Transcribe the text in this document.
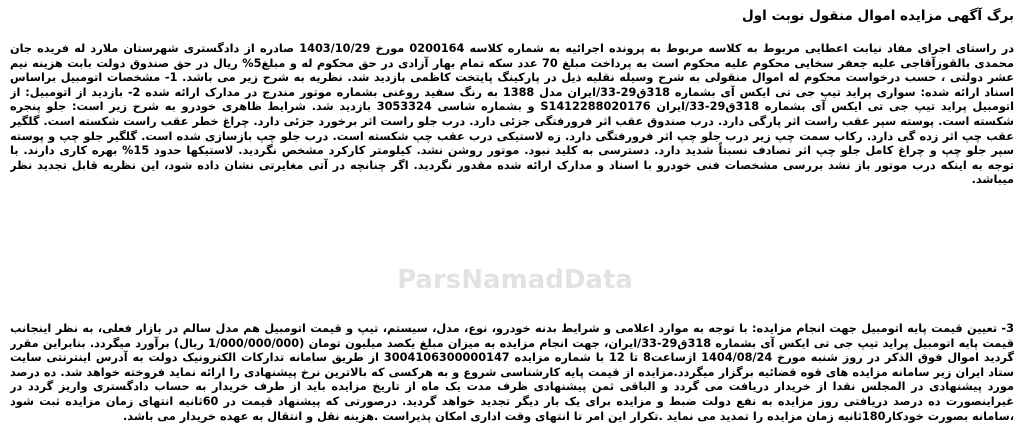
برگ آگهی مزایده اموال منقول نوبت اول

در راستای اجرای مفاد نیابت اعطایی مربوط به کلاسه مربوط به پرونده اجرائیه به شماره کلاسه 0200164 مورخ 1403/10/29 صادره از دادگستری شهرستان ملارد له فریده جان محمدی بالقوزآقاجی علیه جعفر سخایی محکوم علیه محکوم است به پرداخت مبلغ 70 عدد سکه تمام بهار آزادی در حق محکوم له و مبلغ5% ریال در حق صندوق دولت بابت هزینه نیم عشر دولتی ، حسب درخواست محکوم له اموال منقولی به شرح وسیله نقلیه ذیل در پارکینگ پایتخت کاظمی بازدید شد. نظریه به شرح زیر می باشد. 1- مشخصات اتومبیل براساس اسناد ارائه شده: سواری پراید تیپ جی تی ایکس آی بشماره 318ق29-33/ایران مدل 1388 به رنگ سفید روغنی بشماره موتور مندرج در مدارک ارائه شده 2- بازدید از اتومبیل: از اتومبیل پراید تیپ جی تی ایکس آی بشماره 318ق29-33/ایران S1412288020176 و بشماره شاسی 3053324 بازدید شد. شرایط ظاهری خودرو به شرح زیر است: جلو پنجره شکسته است. پوسته سپر عقب راست اثر پارگی دارد. درب صندوق عقب اثر فرورفتگی جزئی دارد. درب جلو راست اثر برخورد جزئی دارد. چراغ خطر عقب راست شکسته است. گلگیر عقب چپ اثر زده گی دارد. رکاب سمت چپ زیر درب جلو چپ اثر فرورفتگی دارد. زه لاستیکی درب عقب چپ شکسته است. درب جلو چپ بازسازی شده است. گلگیر جلو چپ و پوسته سپر جلو چپ و چراغ کامل جلو چپ اثر تصادف نسبتاً شدید دارد. دسترسی به کلید نبود. موتور روشن نشد. کیلومتر کارکرد مشخص نگردید. لاستیکها حدود 15% بهره کاری دارند. با توجه به اینکه درب موتور باز نشد بررسی مشخصات فنی خودرو با اسناد و مدارک ارائه شده مقدور نگردید. اگر چنانچه در آتی مغایرتی نشان داده شود، این نظریه قابل تجدید نظر میباشد.

3- تعیین قیمت پایه اتومبیل جهت انجام مزایده: با توجه به موارد اعلامی و شرایط بدنه خودرو، نوع، مدل، سیستم، تیپ و قیمت اتومبیل هم مدل سالم در بازار فعلی، به نظر اینجانب قیمت پایه اتومبیل پراید تیپ جی تی ایکس آی بشماره 318ق29-33/ایران، جهت انجام مزایده به میزان مبلغ یکصد میلیون تومان (1/000/000/000 ریال) برآورد میگردد. بنابراین مقرر گردید اموال فوق الذکر در روز شنبه مورخ 1404/08/24 ازساعت8 تا 12 با شماره مزایده 3004106300000147 از طریق سامانه تدارکات الکترونیک دولت به آدرس اینترنتی سایت ستاد ایران زیر سامانه مزایده های قوه قضائیه برگزار میگردد.مزایده از قیمت پایه کارشناسی شروع و به هرکسی که بالاترین نرخ پیشنهادی را ارائه نماید فروخته خواهد شد. ده درصد مورد پیشنهادی در المجلس نقدا از خریدار دریافت می گردد و الباقی ثمن پیشنهادی ظرف مدت یک ماه از تاریخ مزایده باید از طرف خریدار به حساب دادگستری واریز گردد در غیراینصورت ده درصد دریافتی روز مزایده به نفع دولت ضبط و مزایده برای یک بار دیگر تجدید خواهد گردید. درصورتی که پیشنهاد قیمت در 60ثانیه انتهای زمان مزایده ثبت شود ،سامانه بصورت خودکار180ثانیه زمان مزایده را تمدید می نماید .تکرار این امر تا انتهای وقت اداری امکان پذیراست .هزینه نقل و انتقال به عهده خریدار می باشد.

ParsNamadData
